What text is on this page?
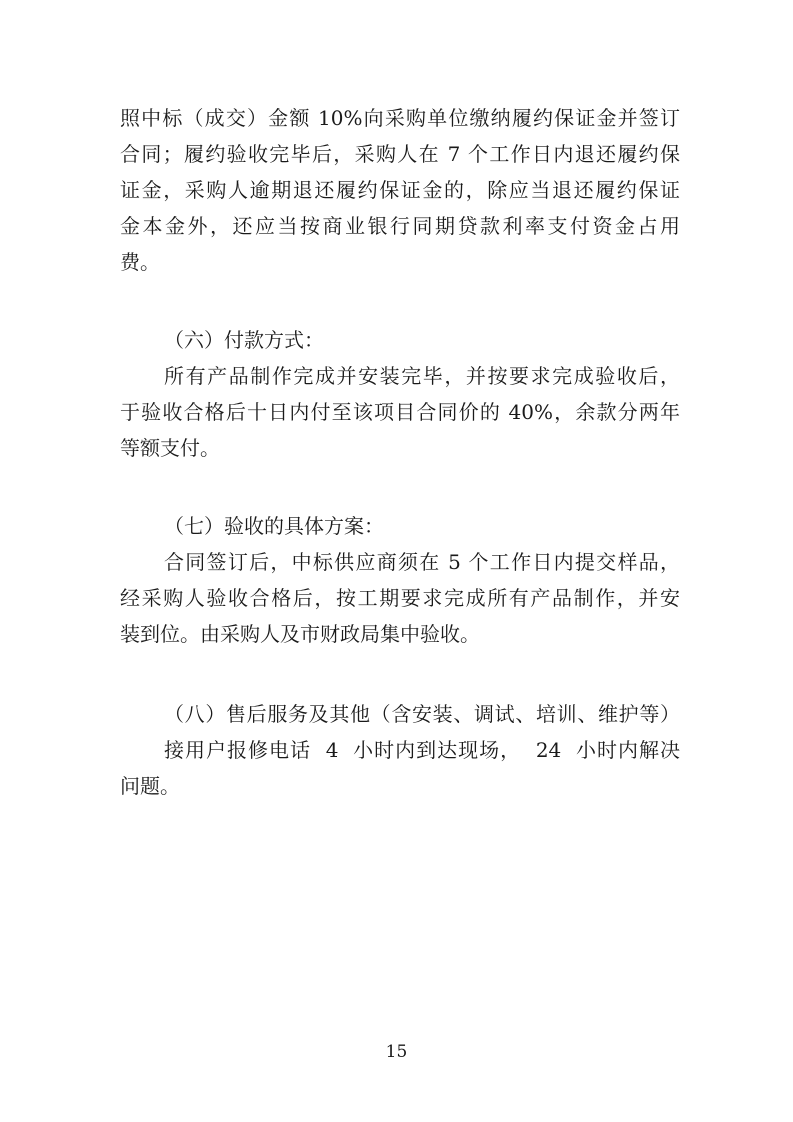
照中标（成交）金额 10%向采购单位缴纳履约保证金并签订
合同；履约验收完毕后，采购人在 7 个工作日内退还履约保
证金，采购人逾期退还履约保证金的，除应当退还履约保证
金本金外，还应当按商业银行同期贷款利率支付资金占用
费。
（六）付款方式：
所有产品制作完成并安装完毕，并按要求完成验收后，
于验收合格后十日内付至该项目合同价的 40%，余款分两年
等额支付。
（七）验收的具体方案：
合同签订后，中标供应商须在 5 个工作日内提交样品，
经采购人验收合格后，按工期要求完成所有产品制作，并安
装到位。由采购人及市财政局集中验收。
（八）售后服务及其他（含安装、调试、培训、维护等）
接用户报修电话  4  小时内到达现场，  24  小时内解决
问题。
15
